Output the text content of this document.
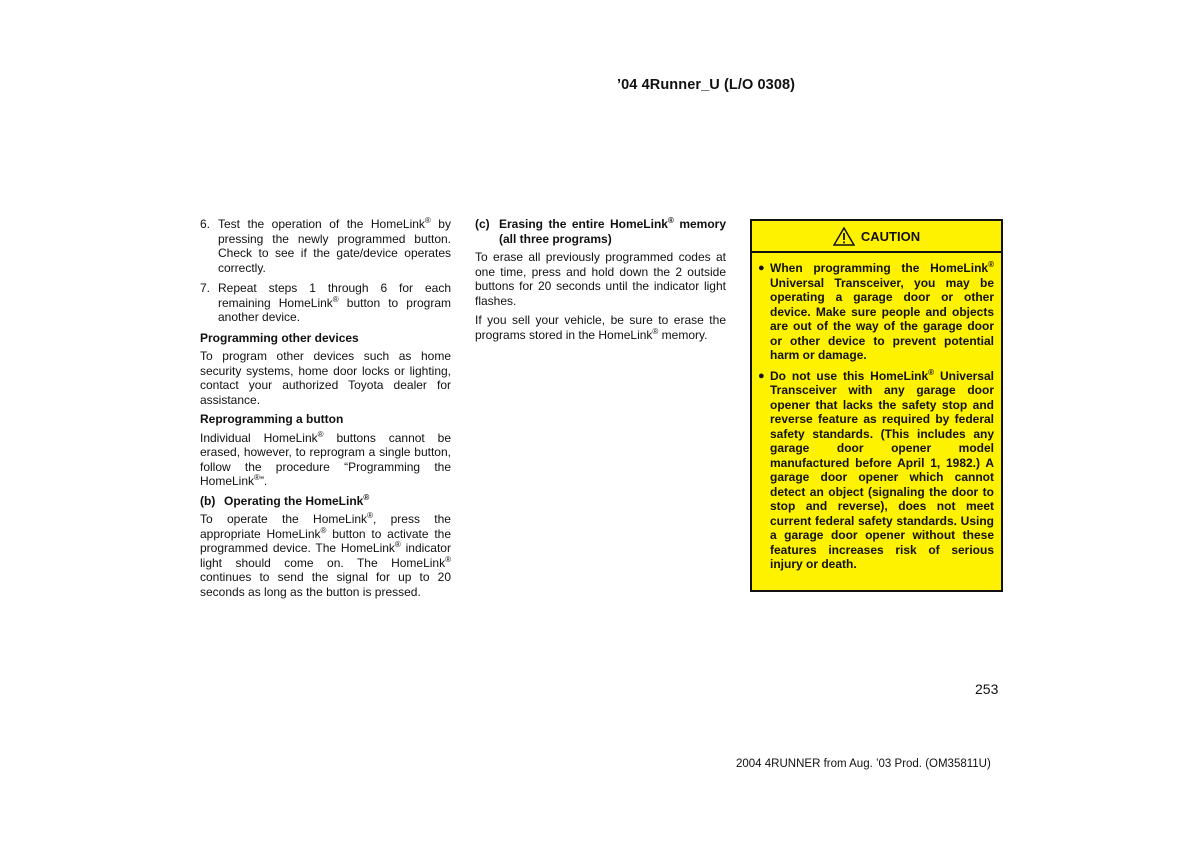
’04 4Runner_U (L/O 0308)
6. Test the operation of the HomeLink® by pressing the newly programmed button. Check to see if the gate/device operates correctly.
7. Repeat steps 1 through 6 for each remaining HomeLink® button to program another device.
Programming other devices

To program other devices such as home security systems, home door locks or lighting, contact your authorized Toyota dealer for assistance.

Reprogramming a button

Individual HomeLink® buttons cannot be erased, however, to reprogram a single button, follow the procedure “Programming the HomeLink®”.

(b) Operating the HomeLink®

To operate the HomeLink®, press the appropriate HomeLink® button to activate the programmed device. The HomeLink® indicator light should come on. The HomeLink® continues to send the signal for up to 20 seconds as long as the button is pressed.

(c) Erasing the entire HomeLink® memory (all three programs)

To erase all previously programmed codes at one time, press and hold down the 2 outside buttons for 20 seconds until the indicator light flashes.

If you sell your vehicle, be sure to erase the programs stored in the HomeLink® memory.

CAUTION
● When programming the HomeLink® Universal Transceiver, you may be operating a garage door or other device. Make sure people and objects are out of the way of the garage door or other device to prevent potential harm or damage.
● Do not use this HomeLink® Universal Transceiver with any garage door opener that lacks the safety stop and reverse feature as required by federal safety standards. (This includes any garage door opener model manufactured before April 1, 1982.) A garage door opener which cannot detect an object (signaling the door to stop and reverse), does not meet current federal safety standards. Using a garage door opener without these features increases risk of serious injury or death.
253
2004 4RUNNER from Aug. ’03 Prod. (OM35811U)
